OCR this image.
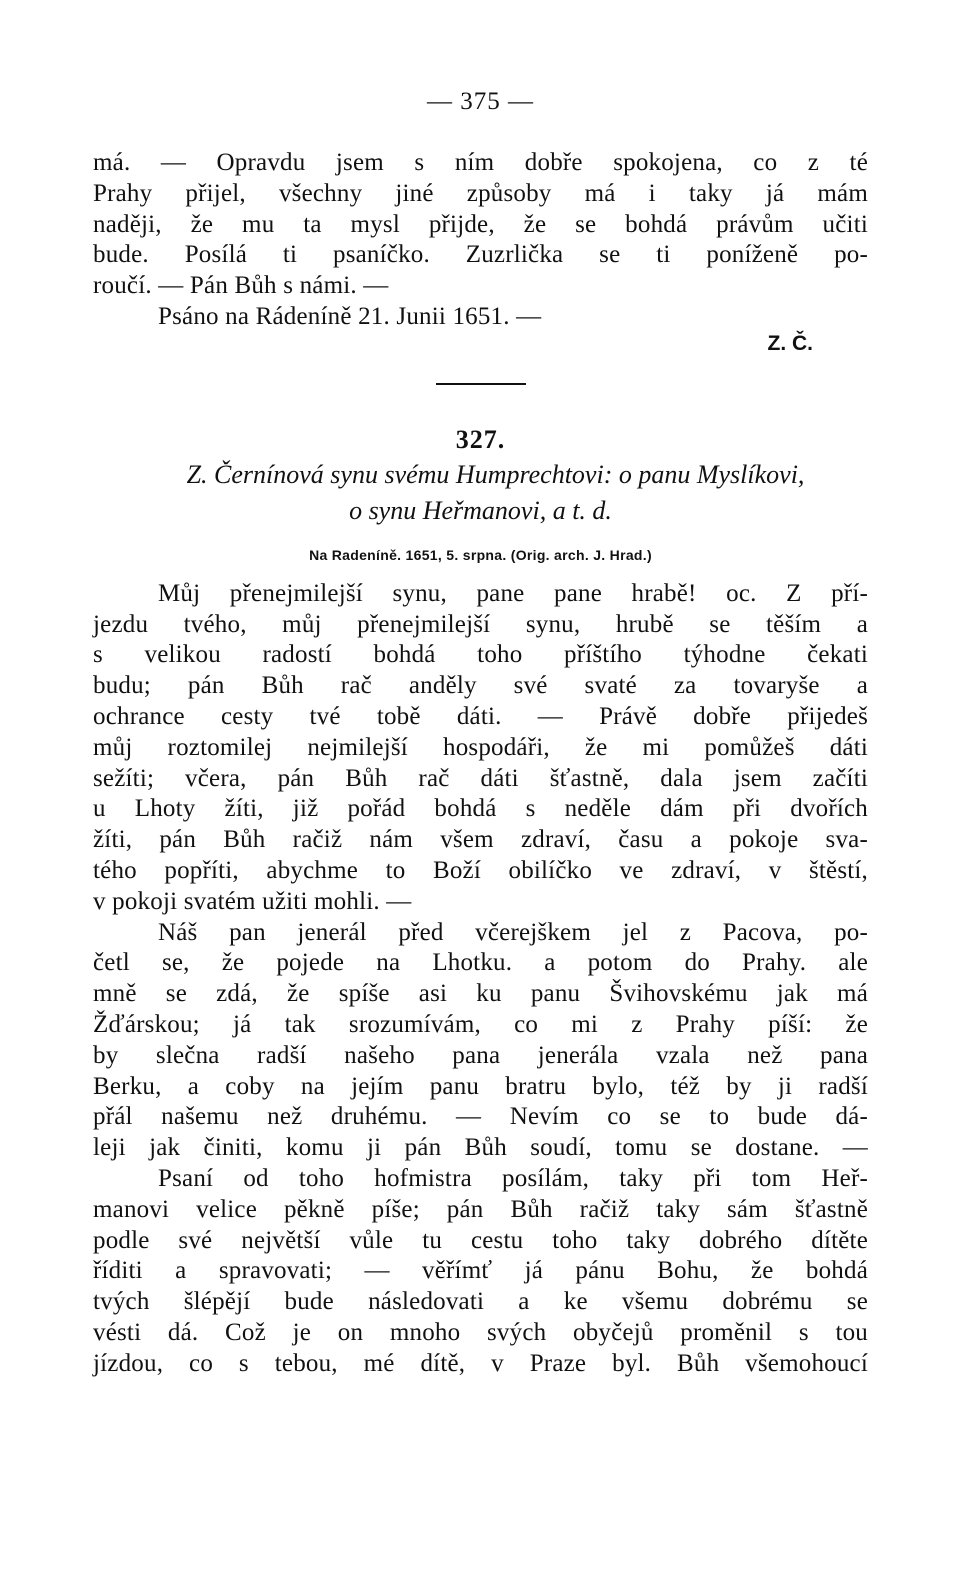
— 375 —
má. — Opravdu jsem s ním dobře spokojena, co z té
Prahy přijel, všechny jiné způsoby má i taky já mám
naději, že mu ta mysl přijde, že se bohdá právům učiti
bude. Posílá ti psaníčko. Zuzrlička se ti poníženě po-
roučí. — Pán Bůh s námi. —
Psáno na Rádeníně 21. Junii 1651. —
Z. Č.
327.
Z. Černínová synu svému Humprechtovi: o panu Myslíkovi,
o synu Heřmanovi, a t. d.
Na Radeníně. 1651, 5. srpna. (Orig. arch. J. Hrad.)
Můj přenejmilejší synu, pane pane hrabě! oc. Z pří-
jezdu tvého, můj přenejmilejší synu, hrubě se těším a
s velikou radostí bohdá toho příštího týhodne čekati
budu; pán Bůh rač anděly své svaté za tovaryše a
ochrance cesty tvé tobě dáti. — Právě dobře přijedeš
můj roztomilej nejmilejší hospodáři, že mi pomůžeš dáti
sežíti; včera, pán Bůh rač dáti šťastně, dala jsem začíti
u Lhoty žíti, již pořád bohdá s neděle dám při dvořích
žíti, pán Bůh račiž nám všem zdraví, času a pokoje sva-
tého popříti, abychme to Boží obilíčko ve zdraví, v štěstí,
v pokoji svatém užiti mohli. —
Náš pan jenerál před včerejškem jel z Pacova, po-
četl se, že pojede na Lhotku. a potom do Prahy. ale
mně se zdá, že spíše asi ku panu Švihovskému jak má
Žďárskou; já tak srozumívám, co mi z Prahy píší: že
by slečna radší našeho pana jenerála vzala než pana
Berku, a coby na jejím panu bratru bylo, též by ji radší
přál našemu než druhému. — Nevím co se to bude dá-
leji jak činiti, komu ji pán Bůh soudí, tomu se dostane. —
Psaní od toho hofmistra posílám, taky při tom Heř-
manovi velice pěkně píše; pán Bůh račiž taky sám šťastně
podle své největší vůle tu cestu toho taky dobrého dítěte
říditi a spravovati; — věřímť já pánu Bohu, že bohdá
tvých šlépějí bude následovati a ke všemu dobrému se
vésti dá. Což je on mnoho svých obyčejů proměnil s tou
jízdou, co s tebou, mé dítě, v Praze byl. Bůh všemohoucí
